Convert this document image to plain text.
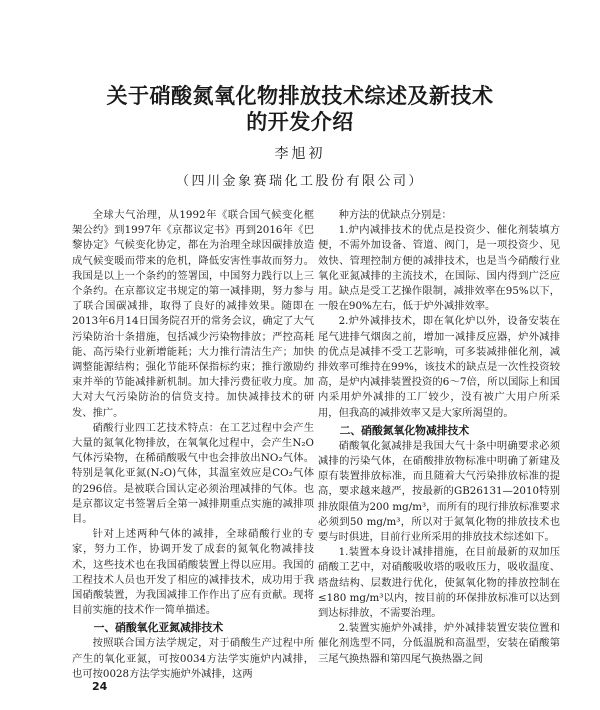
关于硝酸氮氧化物排放技术综述及新技术
的开发介绍
李旭初
（四川金象赛瑞化工股份有限公司）

全球大气治理，从1992年《联合国气候变化框架公约》到1997年《京都议定书》再到2016年《巴黎协定》气候变化协定，都在为治理全球因碳排放造成气候变暖而带来的危机，降低安害性事故而努力。我国是以上一个条约的签署国，中国努力践行以上三个条约。在京都议定书规定的第一减排期，努力参与了联合国碳减排，取得了良好的减排效果。随即在2013年6月14日国务院召开的常务会议，确定了大气污染防治十条措施，包括减少污染物排放；严控高耗能、高污染行业新增能耗；大力推行清洁生产；加快调整能源结构；强化节能环保指标约束；推行激励约束并举的节能减排新机制。加大排污费征收力度。加大对大气污染防治的信贷支持。加快减排技术的研发、推广。

硝酸行业四工艺技术特点：在工艺过程中会产生大量的氮氧化物排放，在氧氧化过程中，会产生N₂O气体污染物，在稀硝酸吸气中也会排放出NO₂气体。特别是氧化亚氮(N₂O)气体，其温室效应是CO₂气体的296倍。是被联合国认定必须治理减排的气体。也是京都议定书签署后全第一减排期重点实施的减排项目。

针对上述两种气体的减排，全球硝酸行业的专家，努力工作，协调开发了成套的氮氧化物减排技术，这些技术也在我国硝酸装置上得以应用。我国的工程技术人员也开发了相应的减排技术，成功用于我国硝酸装置，为我国减排工作作出了应有贡献。现将目前实施的技术作一简单描述。

一、硝酸氧化亚氮减排技术

按照联合国方法学规定，对于硝酸生产过程中所产生的氧化亚氮，可按0034方法学实施炉内减排，也可按0028方法学实施炉外减排，这两

种方法的优缺点分别是：

1.炉内减排技术的优点是投资少、催化剂装填方便，不需外加设备、管道、阀门，是一项投资少、见效快、管理控制方便的减排技术，也是当今硝酸行业氧化亚氮减排的主流技术，在国际、国内得到广泛应用。缺点是受工艺操作限制，减排效率在95%以下，一般在90%左右，低于炉外减排效率。

2.炉外减排技术，即在氧化炉以外，设备安装在尾气进排气烟囱之前，增加一减排反应器，炉外减排的优点是减排不受工艺影响，可多装减排催化剂，减排效率可维持在99%，该技术的缺点是一次性投资较高，是炉内减排装置投资的6～7倍，所以国际上和国内采用炉外减排的工厂较少，没有被广大用户所采用，但我高的减排效率又是大家所渴望的。

二、硝酸氮氧化物减排技术

硝酸氧化氮减排是我国大气十条中明确要求必须减排的污染气体，在硝酸排放物标准中明确了新建及原有装置排放标准，而且随着大气污染排放标准的提高，要求越来越严，按最新的GB26131—2010特别排放限值为200 mg/m³，而所有的现行排放标准要求必须到50 mg/m³，所以对于氮氧化物的排放技术也要与时俱进，目前行业所采用的排放技术综述如下。

1.装置本身设计减排措施，在目前最新的双加压硝酸工艺中，对硝酸吸收塔的吸收压力，吸收温度、塔盘结构、层数进行优化，使氮氧化物的排放控制在≤180 mg/m³以内，按目前的环保排放标准可以达到到达标排放，不需要治理。

2.装置实施炉外减排，炉外减排装置安装位置和催化剂选型不同，分低温脱和高温型，安装在硝酸第三尾气换热器和第四尾气换热器之间

24
